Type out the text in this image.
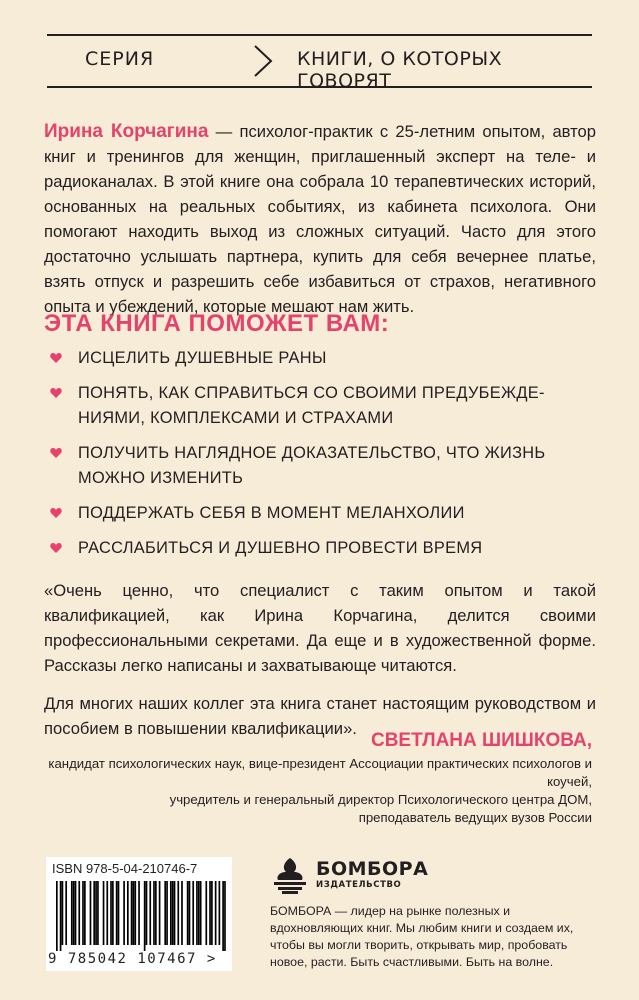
СЕРИЯ	КНИГИ, О КОТОРЫХ ГОВОРЯТ
Ирина Корчагина — психолог-практик с 25-летним опытом, автор книг и тренингов для женщин, приглашенный эксперт на теле- и радиоканалах. В этой книге она собрала 10 терапевтических историй, основанных на реальных событиях, из кабинета психолога. Они помогают находить выход из сложных ситуаций. Часто для этого достаточно услышать партнера, купить для себя вечернее платье, взять отпуск и разрешить себе избавиться от страхов, негативного опыта и убеждений, которые мешают нам жить.
ЭТА КНИГА ПОМОЖЕТ ВАМ:
ИСЦЕЛИТЬ ДУШЕВНЫЕ РАНЫ
ПОНЯТЬ, КАК СПРАВИТЬСЯ СО СВОИМИ ПРЕДУБЕЖДЕ-
НИЯМИ, КОМПЛЕКСАМИ И СТРАХАМИ
ПОЛУЧИТЬ НАГЛЯДНОЕ ДОКАЗАТЕЛЬСТВО, ЧТО ЖИЗНЬ
МОЖНО ИЗМЕНИТЬ
ПОДДЕРЖАТЬ СЕБЯ В МОМЕНТ МЕЛАНХОЛИИ
РАССЛАБИТЬСЯ И ДУШЕВНО ПРОВЕСТИ ВРЕМЯ

«Очень ценно, что специалист с таким опытом и такой квалификацией, как Ирина Корчагина, делится своими профессиональными секретами. Да еще и в художественной форме. Рассказы легко написаны и захватывающе читаются.

Для многих наших коллег эта книга станет настоящим руководством и пособием в повышении квалификации».

СВЕТЛАНА ШИШКОВА,
кандидат психологических наук, вице-президент Ассоциации практических психологов и коучей,
учредитель и генеральный директор Психологического центра ДОМ,
преподаватель ведущих вузов России
ISBN 978-5-04-210746-7
9 785042 107467 >
БОМБОРА
ИЗДАТЕЛЬСТВО

БОМБОРА — лидер на рынке полезных и вдохновляющих книг. Мы любим книги и создаем их, чтобы вы могли творить, открывать мир, пробовать новое, расти. Быть счастливыми. Быть на волне.
